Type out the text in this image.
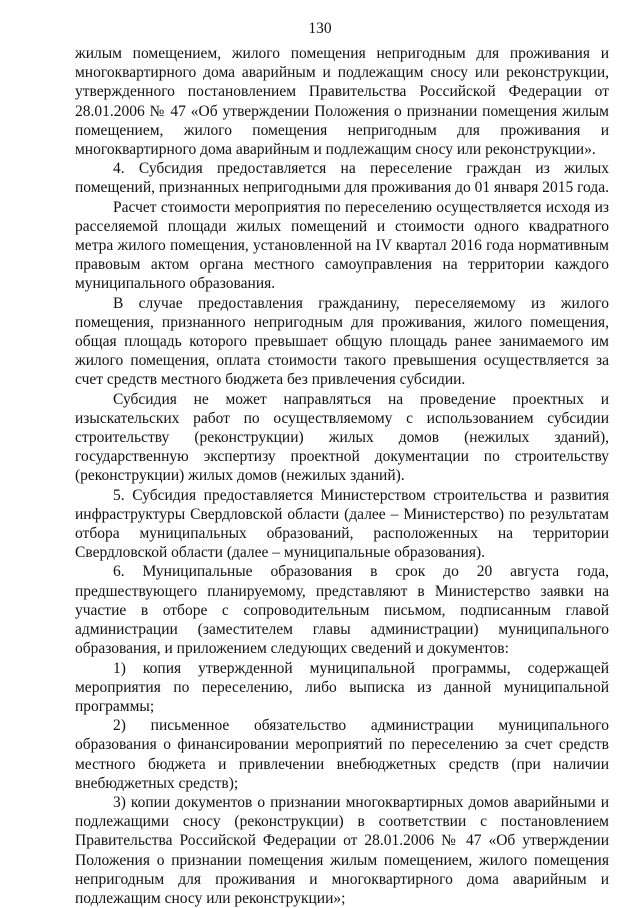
130

жилым помещением, жилого помещения непригодным для проживания и многоквартирного дома аварийным и подлежащим сносу или реконструкции, утвержденного постановлением Правительства Российской Федерации от 28.01.2006 № 47 «Об утверждении Положения о признании помещения жилым помещением, жилого помещения непригодным для проживания и многоквартирного дома аварийным и подлежащим сносу или реконструкции».

4. Субсидия предоставляется на переселение граждан из жилых помещений, признанных непригодными для проживания до 01 января 2015 года.

Расчет стоимости мероприятия по переселению осуществляется исходя из расселяемой площади жилых помещений и стоимости одного квадратного метра жилого помещения, установленной на IV квартал 2016 года нормативным правовым актом органа местного самоуправления на территории каждого муниципального образования.

В случае предоставления гражданину, переселяемому из жилого помещения, признанного непригодным для проживания, жилого помещения, общая площадь которого превышает общую площадь ранее занимаемого им жилого помещения, оплата стоимости такого превышения осуществляется за счет средств местного бюджета без привлечения субсидии.

Субсидия не может направляться на проведение проектных и изыскательских работ по осуществляемому с использованием субсидии строительству (реконструкции) жилых домов (нежилых зданий), государственную экспертизу проектной документации по строительству (реконструкции) жилых домов (нежилых зданий).

5. Субсидия предоставляется Министерством строительства и развития инфраструктуры Свердловской области (далее – Министерство) по результатам отбора муниципальных образований, расположенных на территории Свердловской области (далее – муниципальные образования).

6. Муниципальные образования в срок до 20 августа года, предшествующего планируемому, представляют в Министерство заявки на участие в отборе с сопроводительным письмом, подписанным главой администрации (заместителем главы администрации) муниципального образования, и приложением следующих сведений и документов:

1) копия утвержденной муниципальной программы, содержащей мероприятия по переселению, либо выписка из данной муниципальной программы;

2) письменное обязательство администрации муниципального образования о финансировании мероприятий по переселению за счет средств местного бюджета и привлечении внебюджетных средств (при наличии внебюджетных средств);

3) копии документов о признании многоквартирных домов аварийными и подлежащими сносу (реконструкции) в соответствии с постановлением Правительства Российской Федерации от 28.01.2006 № 47 «Об утверждении Положения о признании помещения жилым помещением, жилого помещения непригодным для проживания и многоквартирного дома аварийным и подлежащим сносу или реконструкции»;
